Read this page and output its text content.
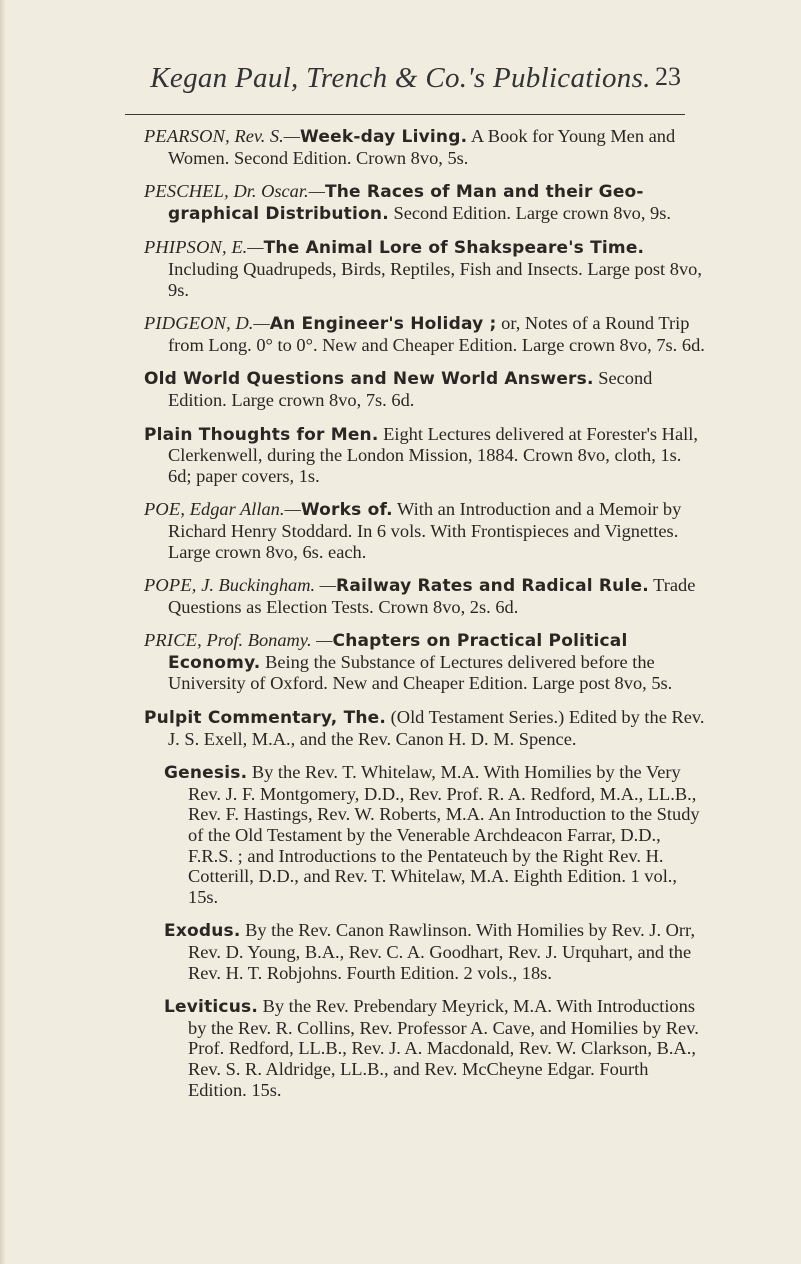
Kegan Paul, Trench & Co.'s Publications. 23
PEARSON, Rev. S.—Week-day Living. A Book for Young Men and Women. Second Edition. Crown 8vo, 5s.
PESCHEL, Dr. Oscar.—The Races of Man and their Geo-graphical Distribution. Second Edition. Large crown 8vo, 9s.
PHIPSON, E.—The Animal Lore of Shakspeare's Time. Including Quadrupeds, Birds, Reptiles, Fish and Insects. Large post 8vo, 9s.
PIDGEON, D.—An Engineer's Holiday ; or, Notes of a Round Trip from Long. 0° to 0°. New and Cheaper Edition. Large crown 8vo, 7s. 6d.
Old World Questions and New World Answers. Second Edition. Large crown 8vo, 7s. 6d.
Plain Thoughts for Men. Eight Lectures delivered at Forester's Hall, Clerkenwell, during the London Mission, 1884. Crown 8vo, cloth, 1s. 6d; paper covers, 1s.
POE, Edgar Allan.—Works of. With an Introduction and a Memoir by Richard Henry Stoddard. In 6 vols. With Frontispieces and Vignettes. Large crown 8vo, 6s. each.
POPE, J. Buckingham. —Railway Rates and Radical Rule. Trade Questions as Election Tests. Crown 8vo, 2s. 6d.
PRICE, Prof. Bonamy. —Chapters on Practical Political Economy. Being the Substance of Lectures delivered before the University of Oxford. New and Cheaper Edition. Large post 8vo, 5s.
Pulpit Commentary, The. (Old Testament Series.) Edited by the Rev. J. S. Exell, M.A., and the Rev. Canon H. D. M. Spence.
Genesis. By the Rev. T. Whitelaw, M.A. With Homilies by the Very Rev. J. F. Montgomery, D.D., Rev. Prof. R. A. Redford, M.A., LL.B., Rev. F. Hastings, Rev. W. Roberts, M.A. An Introduction to the Study of the Old Testament by the Venerable Archdeacon Farrar, D.D., F.R.S. ; and Introductions to the Pentateuch by the Right Rev. H. Cotterill, D.D., and Rev. T. Whitelaw, M.A. Eighth Edition. 1 vol., 15s.
Exodus. By the Rev. Canon Rawlinson. With Homilies by Rev. J. Orr, Rev. D. Young, B.A., Rev. C. A. Goodhart, Rev. J. Urquhart, and the Rev. H. T. Robjohns. Fourth Edition. 2 vols., 18s.
Leviticus. By the Rev. Prebendary Meyrick, M.A. With Introductions by the Rev. R. Collins, Rev. Professor A. Cave, and Homilies by Rev. Prof. Redford, LL.B., Rev. J. A. Macdonald, Rev. W. Clarkson, B.A., Rev. S. R. Aldridge, LL.B., and Rev. McCheyne Edgar. Fourth Edition. 15s.
